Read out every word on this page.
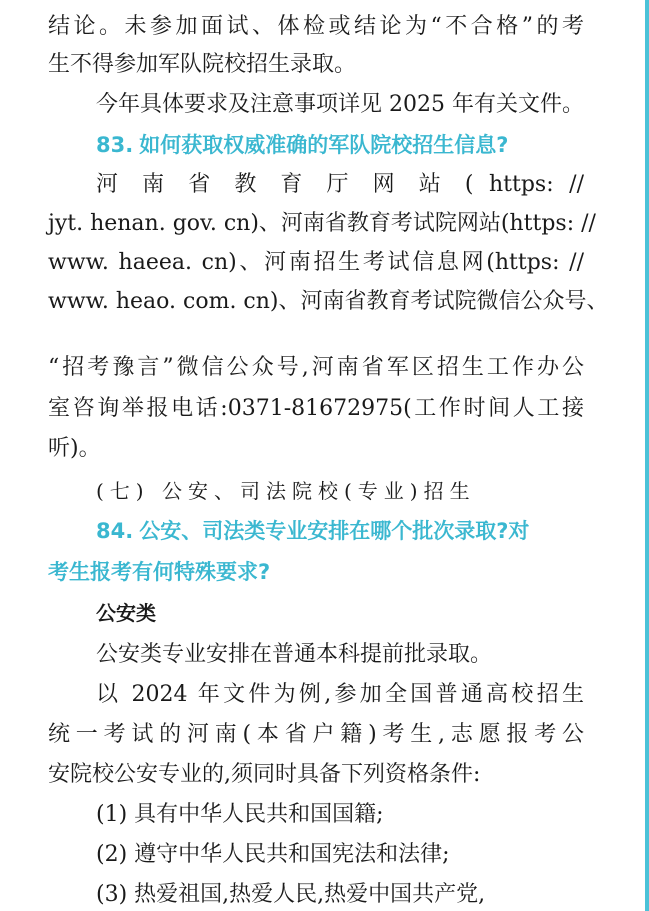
结论。未参加面试、体检或结论为“不合格”的考
生不得参加军队院校招生录取。
今年具体要求及注意事项详见 2025 年有关文件。
83. 如何获取权威准确的军队院校招生信息?
河 南 省 教 育 厅 网 站 ( https: //
jyt. henan. gov. cn)、河南省教育考试院网站(https: //
www. haeea. cn)、河南招生考试信息网(https: //
www. heao. com. cn)、河南省教育考试院微信公众号、
“招考豫言”微信公众号,河南省军区招生工作办公
室咨询举报电话:0371-81672975(工作时间人工接
听)。
(七) 公安、司法院校(专业)招生
84. 公安、司法类专业安排在哪个批次录取?对
考生报考有何特殊要求?
公安类
公安类专业安排在普通本科提前批录取。
以 2024 年文件为例,参加全国普通高校招生
统一考试的河南(本省户籍)考生,志愿报考公
安院校公安专业的,须同时具备下列资格条件:
(1) 具有中华人民共和国国籍;
(2) 遵守中华人民共和国宪法和法律;
(3) 热爱祖国,热爱人民,热爱中国共产党,
